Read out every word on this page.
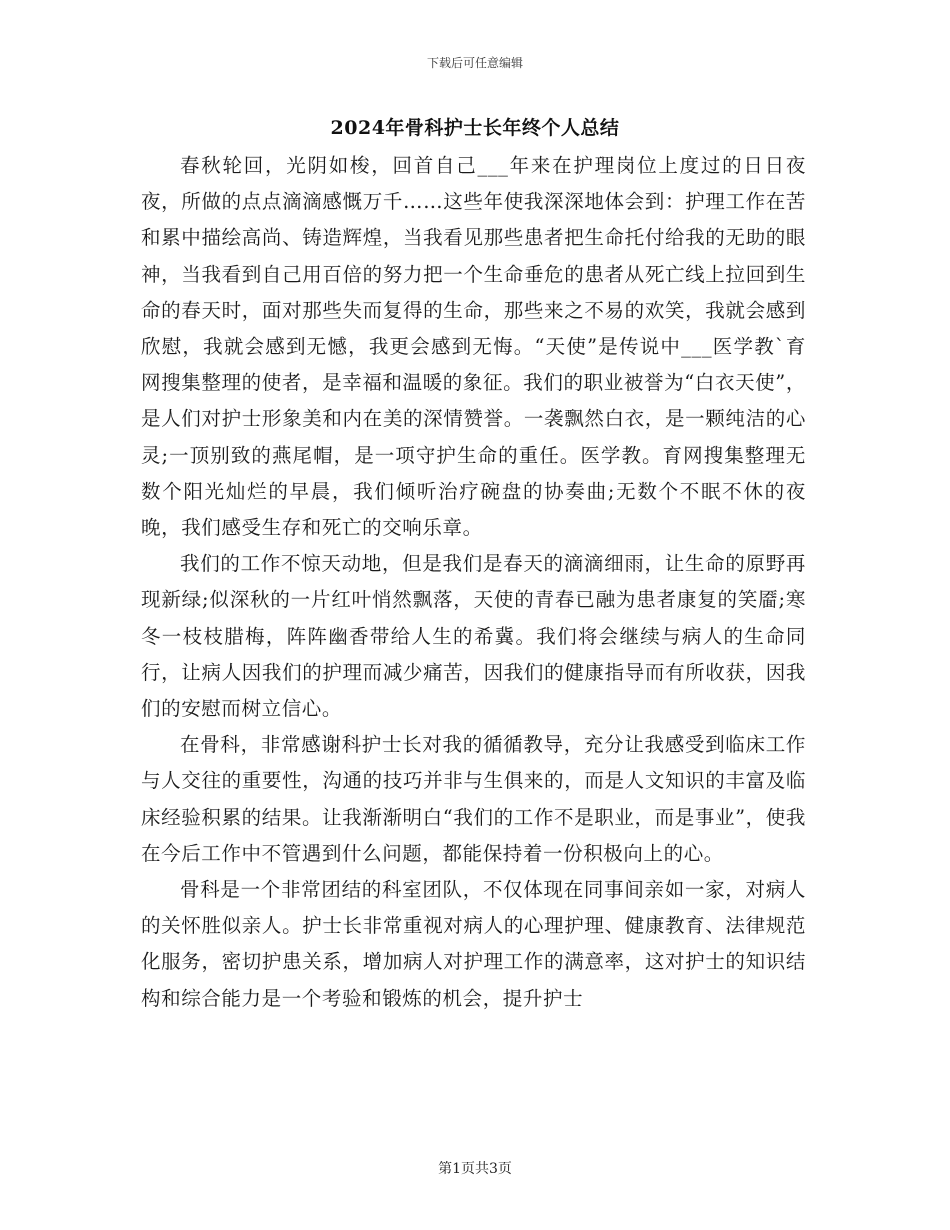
下载后可任意编辑
2024年骨科护士长年终个人总结

春秋轮回，光阴如梭，回首自己___年来在护理岗位上度过的日日夜夜，所做的点点滴滴感慨万千……这些年使我深深地体会到：护理工作在苦和累中描绘高尚、铸造辉煌，当我看见那些患者把生命托付给我的无助的眼神，当我看到自己用百倍的努力把一个生命垂危的患者从死亡线上拉回到生命的春天时，面对那些失而复得的生命，那些来之不易的欢笑，我就会感到欣慰，我就会感到无憾，我更会感到无悔。“天使”是传说中___医学教`育网搜集整理的使者，是幸福和温暖的象征。我们的职业被誉为“白衣天使”，是人们对护士形象美和内在美的深情赞誉。一袭飘然白衣，是一颗纯洁的心灵;一顶别致的燕尾帽，是一项守护生命的重任。医学教。育网搜集整理无数个阳光灿烂的早晨，我们倾听治疗碗盘的协奏曲;无数个不眠不休的夜晚，我们感受生存和死亡的交响乐章。

我们的工作不惊天动地，但是我们是春天的滴滴细雨，让生命的原野再现新绿;似深秋的一片红叶悄然飘落，天使的青春已融为患者康复的笑靥;寒冬一枝枝腊梅，阵阵幽香带给人生的希冀。我们将会继续与病人的生命同行，让病人因我们的护理而减少痛苦，因我们的健康指导而有所收获，因我们的安慰而树立信心。

在骨科，非常感谢科护士长对我的循循教导，充分让我感受到临床工作与人交往的重要性，沟通的技巧并非与生俱来的，而是人文知识的丰富及临床经验积累的结果。让我渐渐明白“我们的工作不是职业，而是事业”，使我在今后工作中不管遇到什么问题，都能保持着一份积极向上的心。

骨科是一个非常团结的科室团队，不仅体现在同事间亲如一家，对病人的关怀胜似亲人。护士长非常重视对病人的心理护理、健康教育、法律规范化服务，密切护患关系，增加病人对护理工作的满意率，这对护士的知识结构和综合能力是一个考验和锻炼的机会，提升护士

第1页共3页
